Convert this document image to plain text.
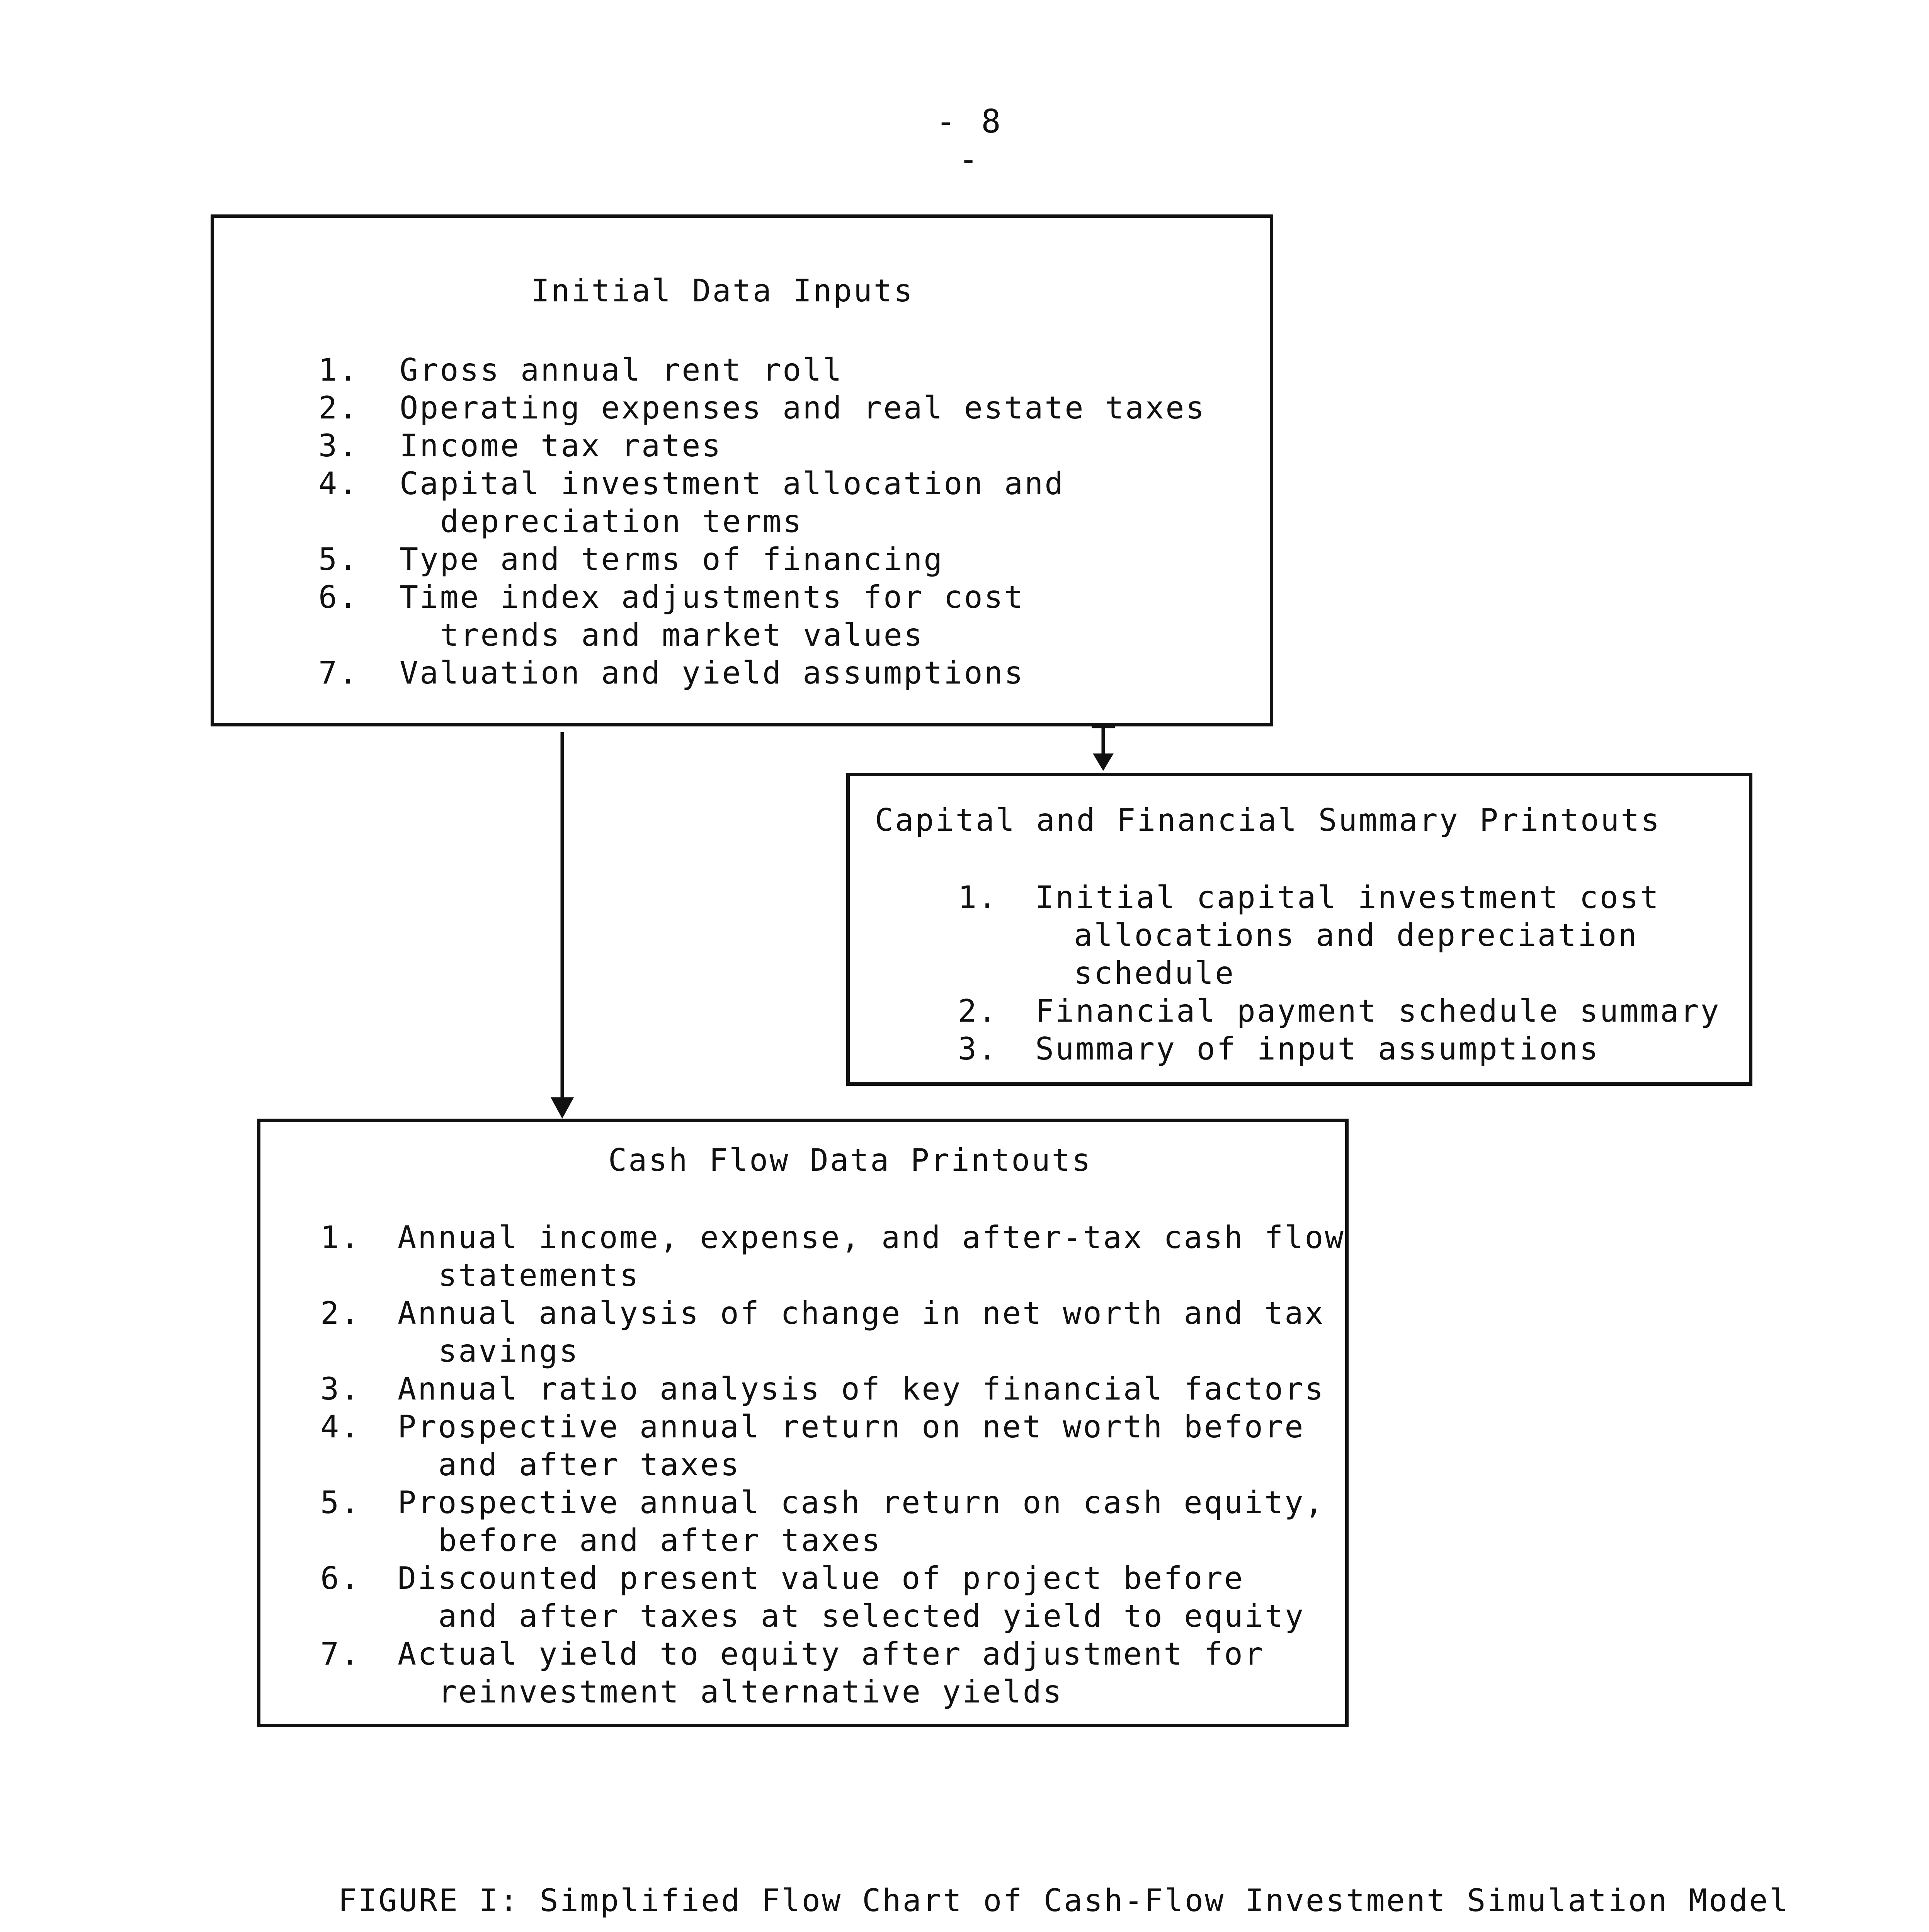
- 8 -
Initial Data Inputs
1. Gross annual rent roll
2. Operating expenses and real estate taxes
3. Income tax rates
4. Capital investment allocation and
depreciation terms
5. Type and terms of financing
6. Time index adjustments for cost
trends and market values
7. Valuation and yield assumptions
Capital and Financial Summary Printouts
1. Initial capital investment cost
allocations and depreciation
schedule
2. Financial payment schedule summary
3. Summary of input assumptions
Cash Flow Data Printouts
1. Annual income, expense, and after-tax cash flow
statements
2. Annual analysis of change in net worth and tax
savings
3. Annual ratio analysis of key financial factors
4. Prospective annual return on net worth before
and after taxes
5. Prospective annual cash return on cash equity,
before and after taxes
6. Discounted present value of project before
and after taxes at selected yield to equity
7. Actual yield to equity after adjustment for
reinvestment alternative yields
FIGURE I: Simplified Flow Chart of Cash-Flow Investment Simulation Model
